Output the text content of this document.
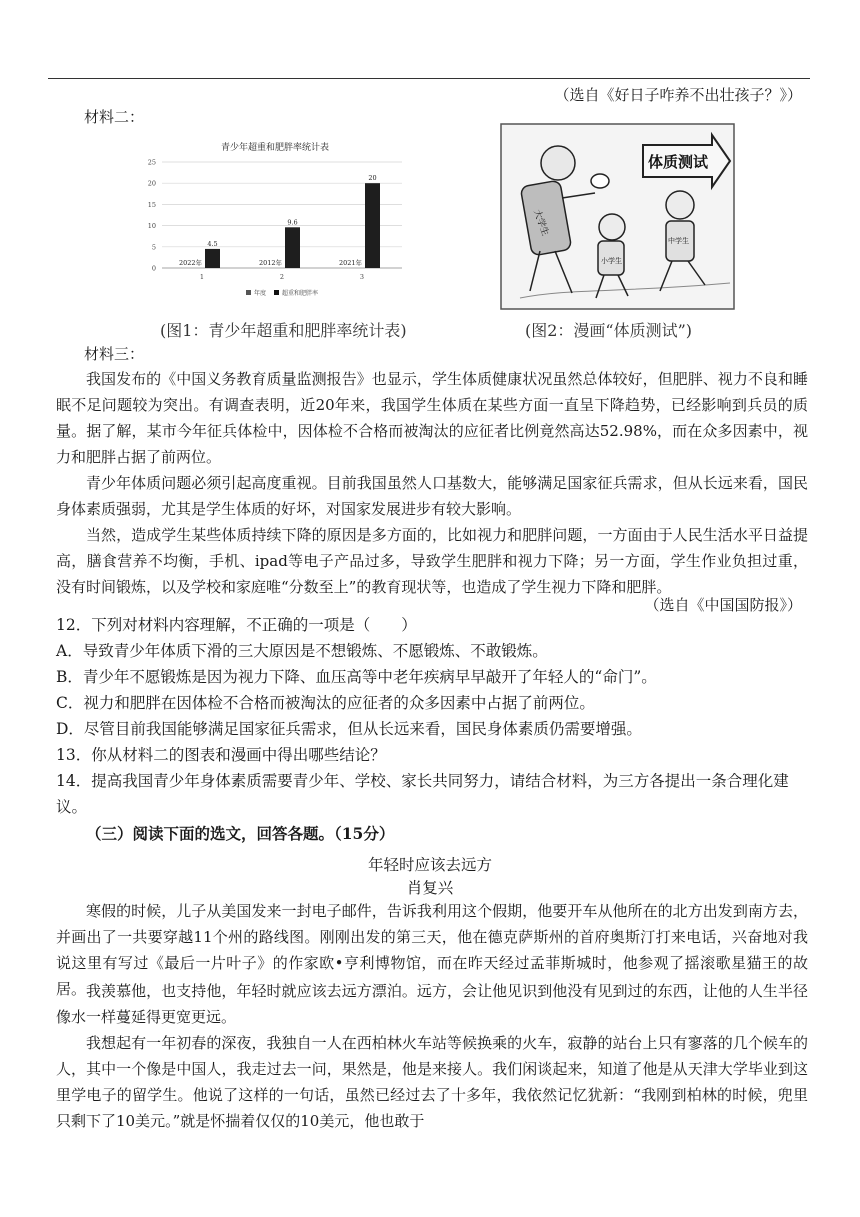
（选自《好日子咋养不出壮孩子？》）
材料二：
青少年超重和肥胖率统计表
0
5
10
15
20
25
4.5
2022年
9.6
2012年
20
2021年
1	2	3
年度	超重和肥胖率
(图1：青少年超重和肥胖率统计表)
体质测试
大学生
小学生
中学生
(图2：漫画“体质测试”)
材料三：

我国发布的《中国义务教育质量监测报告》也显示，学生体质健康状况虽然总体较好，但肥胖、视力不良和睡眠不足问题较为突出。有调查表明，近20年来，我国学生体质在某些方面一直呈下降趋势，已经影响到兵员的质量。据了解，某市今年征兵体检中，因体检不合格而被淘汰的应征者比例竟然高达52.98%，而在众多因素中，视力和肥胖占据了前两位。

青少年体质问题必须引起高度重视。目前我国虽然人口基数大，能够满足国家征兵需求，但从长远来看，国民身体素质强弱，尤其是学生体质的好坏，对国家发展进步有较大影响。

当然，造成学生某些体质持续下降的原因是多方面的，比如视力和肥胖问题，一方面由于人民生活水平日益提高，膳食营养不均衡，手机、ipad等电子产品过多，导致学生肥胖和视力下降；另一方面，学生作业负担过重，没有时间锻炼，以及学校和家庭唯“分数至上”的教育现状等，也造成了学生视力下降和肥胖。

（选自《中国国防报》）

12．下列对材料内容理解，不正确的一项是（　　）

A．导致青少年体质下滑的三大原因是不想锻炼、不愿锻炼、不敢锻炼。

B．青少年不愿锻炼是因为视力下降、血压高等中老年疾病早早敲开了年轻人的“命门”。

C．视力和肥胖在因体检不合格而被淘汰的应征者的众多因素中占据了前两位。

D．尽管目前我国能够满足国家征兵需求，但从长远来看，国民身体素质仍需要增强。

13．你从材料二的图表和漫画中得出哪些结论？

14．提高我国青少年身体素质需要青少年、学校、家长共同努力，请结合材料，为三方各提出一条合理化建议。

（三）阅读下面的选文，回答各题。（15分）
年轻时应该去远方
肖复兴

寒假的时候，儿子从美国发来一封电子邮件，告诉我利用这个假期，他要开车从他所在的北方出发到南方去，并画出了一共要穿越11个州的路线图。刚刚出发的第三天，他在德克萨斯州的首府奥斯汀打来电话，兴奋地对我说这里有写过《最后一片叶子》的作家欧•亨利博物馆，而在昨天经过孟菲斯城时，他参观了摇滚歌星猫王的故居。 我羡慕他，也支持他，年轻时就应该去远方漂泊。远方，会让他见识到他没有见到过的东西，让他的人生半径像水一样蔓延得更宽更远。

我想起有一年初春的深夜，我独自一人在西柏林火车站等候换乘的火车，寂静的站台上只有寥落的几个候车的人，其中一个像是中国人，我走过去一问，果然是，他是来接人。我们闲谈起来，知道了他是从天津大学毕业到这里学电子的留学生。他说了这样的一句话，虽然已经过去了十多年，我依然记忆犹新：“我刚到柏林的时候，兜里只剩下了10美元。”就是怀揣着仅仅的10美元，他也敢于
